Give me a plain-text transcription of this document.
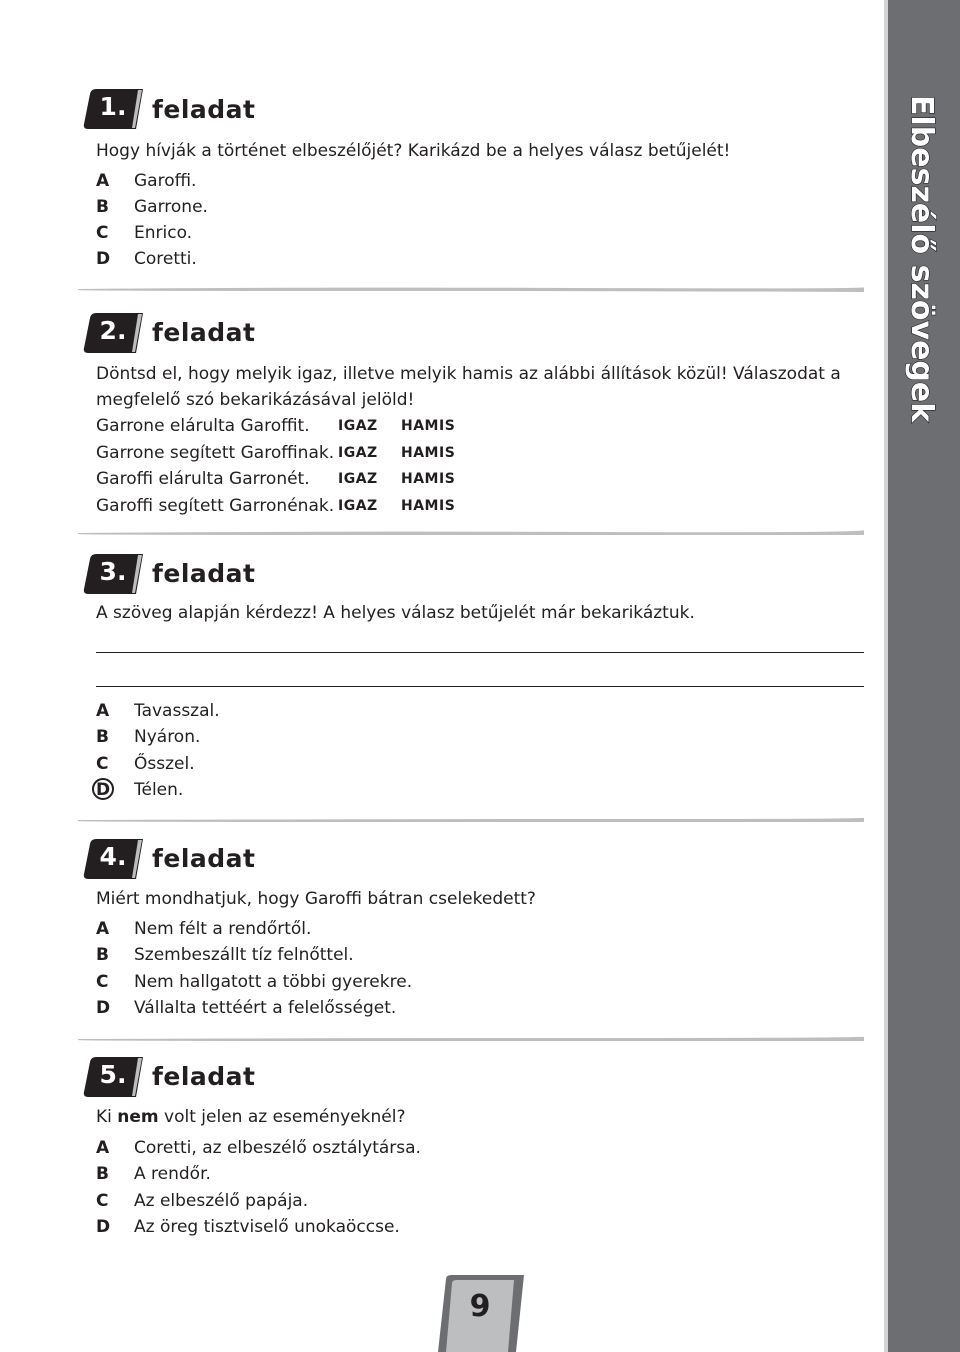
Elbeszélő szövegek
1.	feladat
Hogy hívják a történet elbeszélőjét? Karikázd be a helyes válasz betűjelét!
A	Garoffi.
B	Garrone.
C	Enrico.
D	Coretti.
2.	feladat
Döntsd el, hogy melyik igaz, illetve melyik hamis az alábbi állítások közül! Válaszodat a megfelelő szó bekarikázásával jelöld!
Garrone elárulta Garoffit. IGAZ HAMIS
Garrone segített Garoffinak. IGAZ HAMIS
Garoffi elárulta Garronét. IGAZ HAMIS
Garoffi segített Garronénak. IGAZ HAMIS
3.	feladat
A szöveg alapján kérdezz! A helyes válasz betűjelét már bekarikáztuk.
A	Tavasszal.
B	Nyáron.
C	Ősszel.
D	Télen.
4.	feladat
Miért mondhatjuk, hogy Garoffi bátran cselekedett?
A	Nem félt a rendőrtől.
B	Szembeszállt tíz felnőttel.
C	Nem hallgatott a többi gyerekre.
D	Vállalta tettéért a felelősséget.
5.	feladat
Ki nem volt jelen az eseményeknél?
A	Coretti, az elbeszélő osztálytársa.
B	A rendőr.
C	Az elbeszélő papája.
D	Az öreg tisztviselő unokaöccse.
9
